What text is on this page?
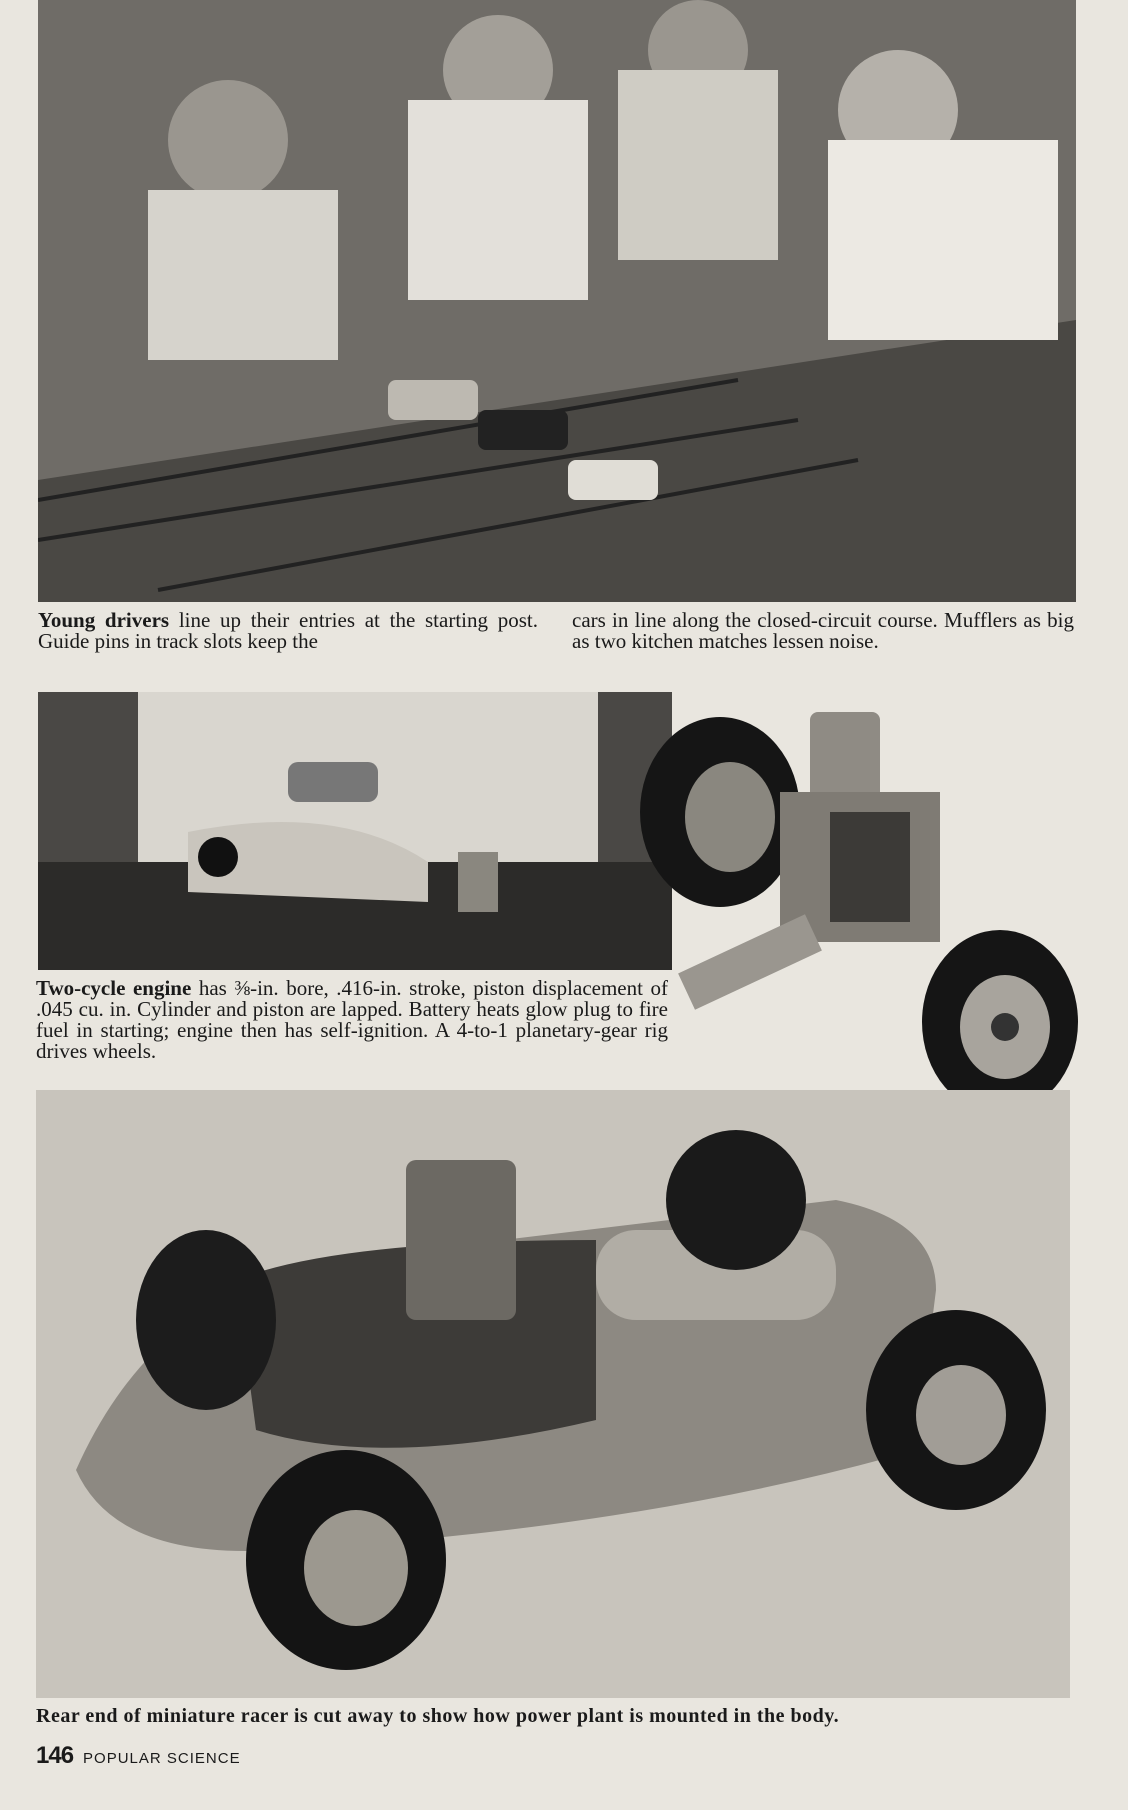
Young drivers line up their entries at the starting post. Guide pins in track slots keep the

cars in line along the closed-circuit course. Mufflers as big as two kitchen matches lessen noise.

Two-cycle engine has ⅜-in. bore, .416-in. stroke, piston displacement of .045 cu. in. Cylinder and piston are lapped. Battery heats glow plug to fire fuel in starting; engine then has self-ignition. A 4-to-1 planetary-gear rig drives wheels.

Rear end of miniature racer is cut away to show how power plant is mounted in the body.

146 POPULAR SCIENCE
